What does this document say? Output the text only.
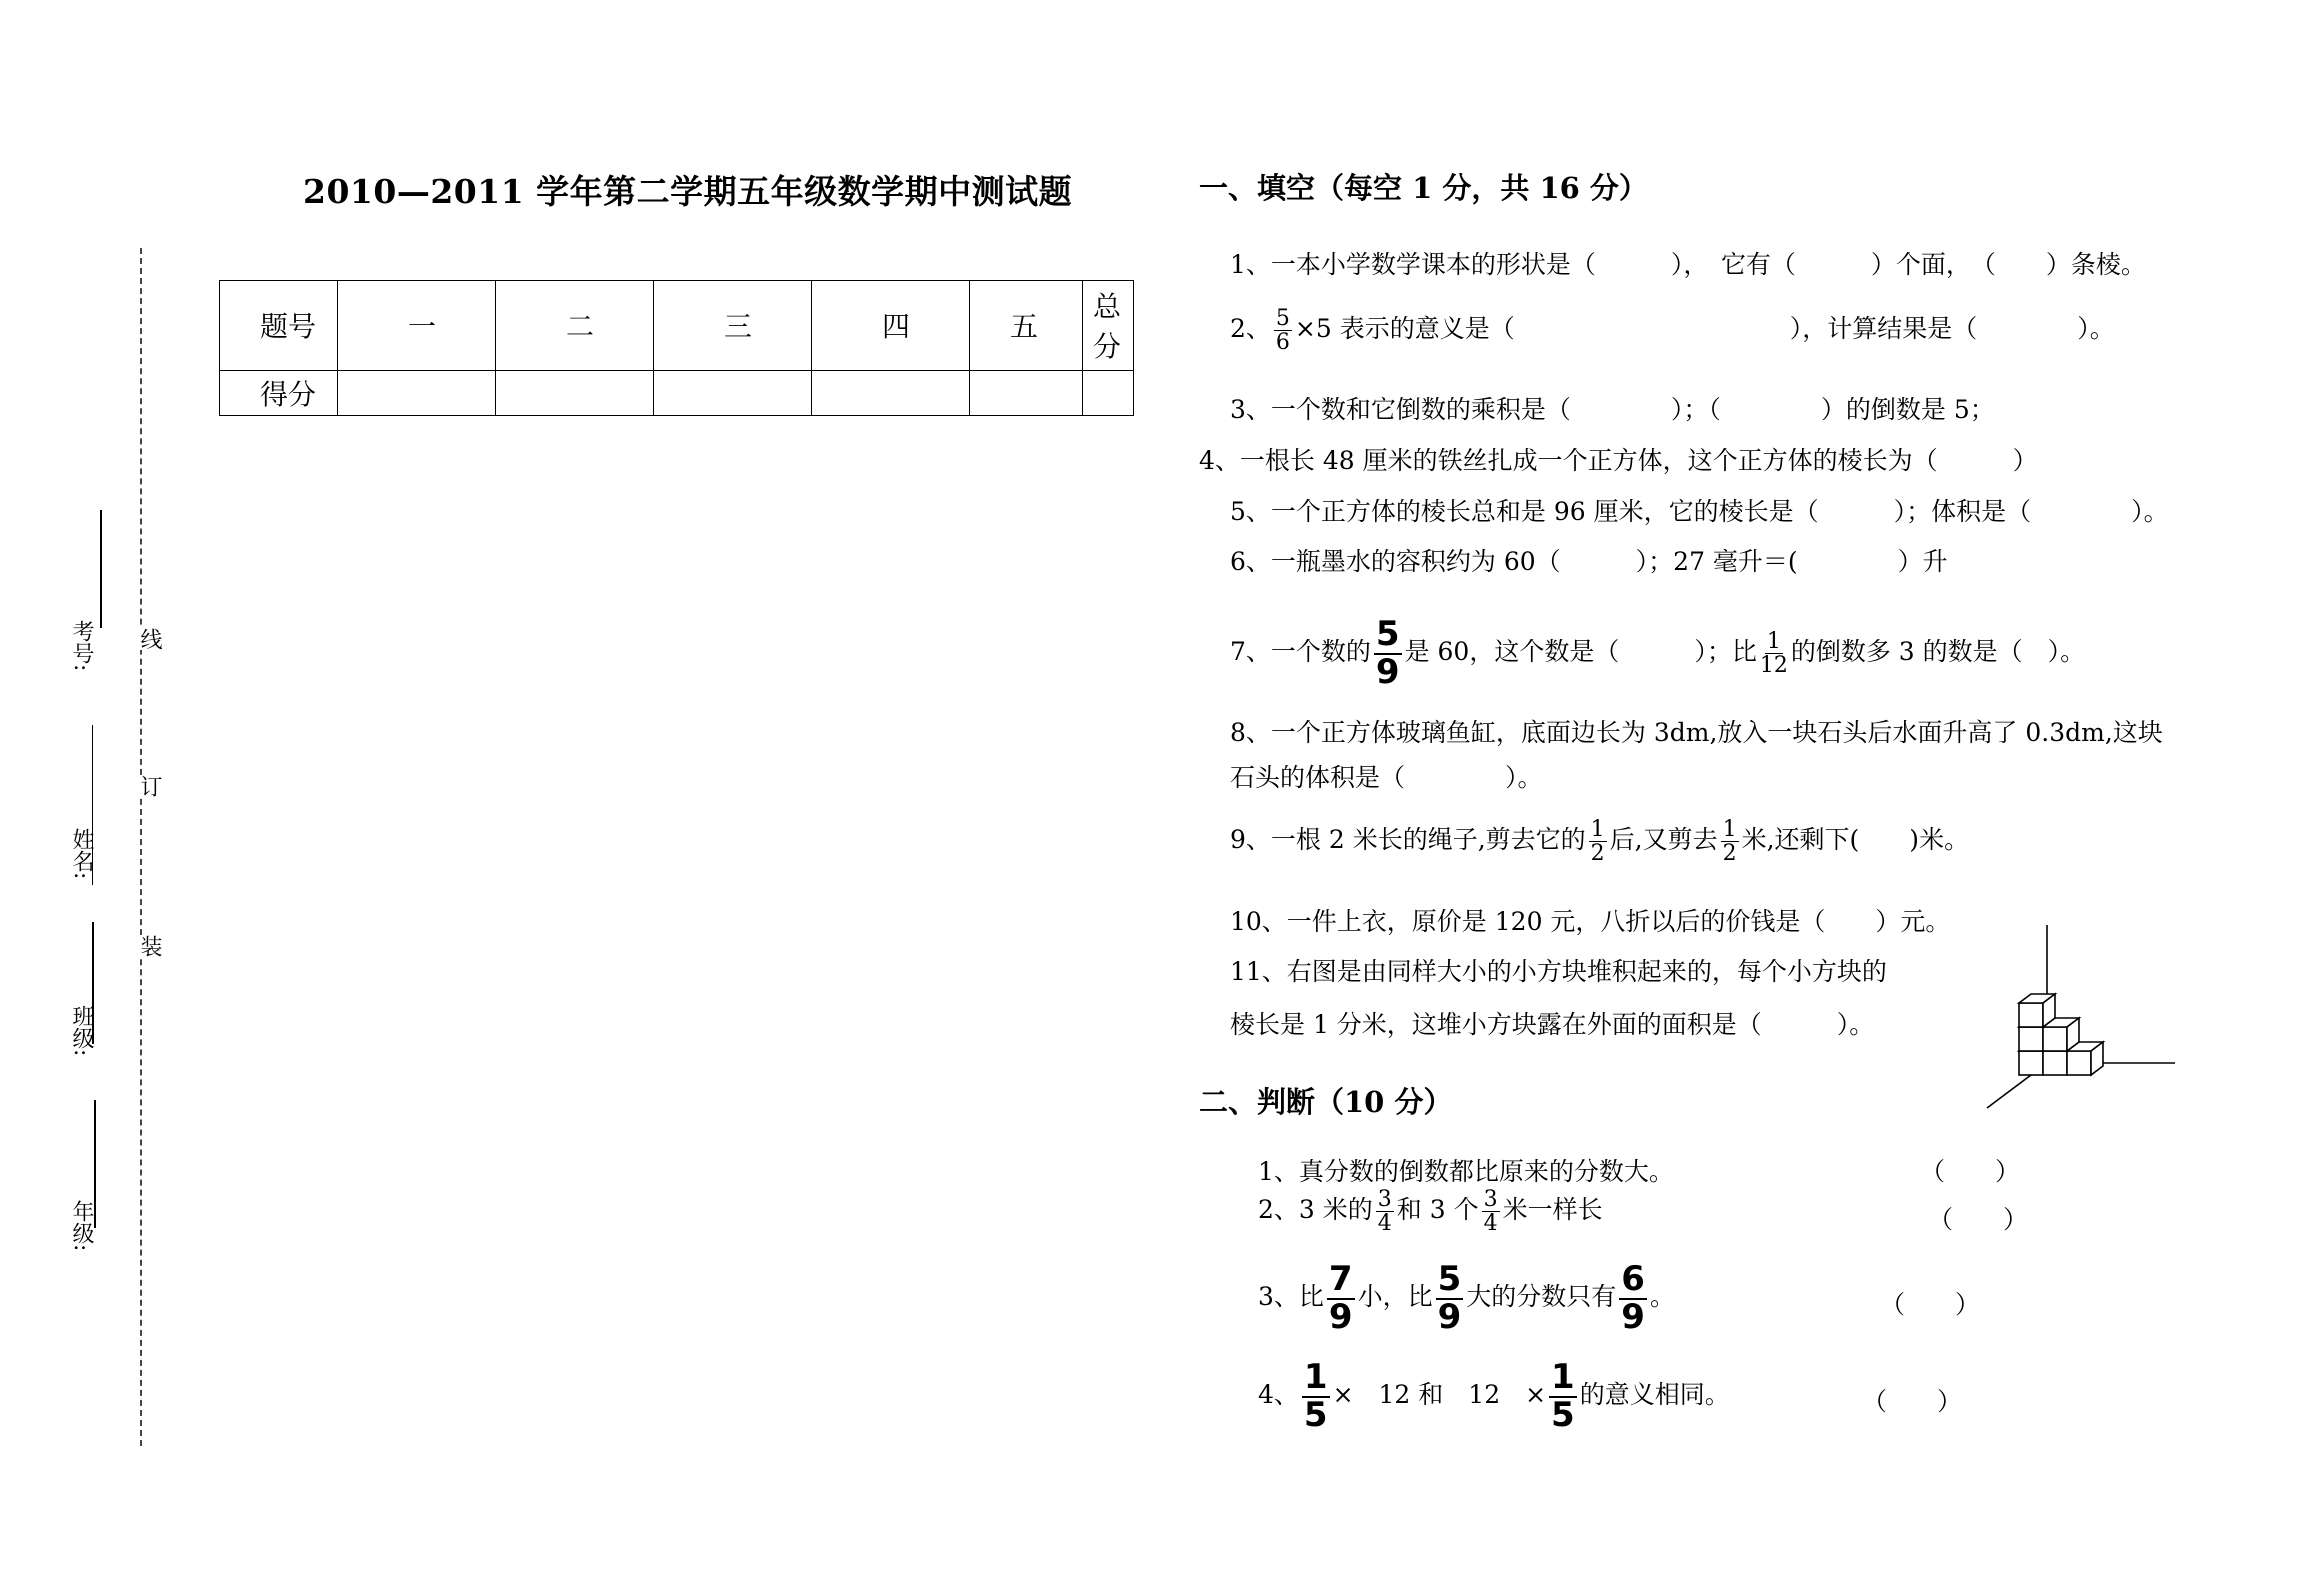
2010—2011 学年第二学期五年级数学期中测试题
题号	一	二	三	四	五	总分
得分						
考号:
姓名:
班级:
年级:
线
订
装
一、填空（每空 1 分，共 16 分）
1、一本小学数学课本的形状是（　　　），　它有（　　　）个面，　（　　）条棱。
2、 $\frac{5}{6} \times 5$ 表示的意义是（　　　　　　　　　　　），计算结果是（　　　　）。
3、一个数和它倒数的乘积是（　　　　）；（　　　　）的倒数是 5；
4、一根长 48 厘米的铁丝扎成一个正方体，这个正方体的棱长为（　　　）
5、一个正方体的棱长总和是 96 厘米，它的棱长是（　　　）；体积是（　　　　）。
6、一瓶墨水的容积约为 60（　　　）；27 毫升＝(　　　　）升
7、一个数的 $\frac{5}{9}$ 是 60，这个数是（　　　）；比 $\frac{1}{12}$ 的倒数多 3 的数是（　）。
8、一个正方体玻璃鱼缸，底面边长为 3dm,放入一块石头后水面升高了 0.3dm,这块
石头的体积是（　　　　）。
9、一根 2 米长的绳子,剪去它的 $\frac{1}{2}$ 后,又剪去 $\frac{1}{2}$ 米,还剩下(　　)米。
10、一件上衣，原价是 120 元，八折以后的价钱是（　　）元。
11、右图是由同样大小的小方块堆积起来的，每个小方块的
棱长是 1 分米，这堆小方块露在外面的面积是（　　　）。
二、判断（10 分）
1、真分数的倒数都比原来的分数大。	（　　）
2、3 米的 $\frac{3}{4}$ 和 3 个 $\frac{3}{4}$ 米一样长	（　　）
3、比 $\frac{7}{9}$ 小，比 $\frac{5}{9}$ 大的分数只有 $\frac{6}{9}$ 。	（　　）
4、 $\frac{1}{5}$ ×　12 和　12　× $\frac{1}{5}$ 的意义相同。	（　　）
